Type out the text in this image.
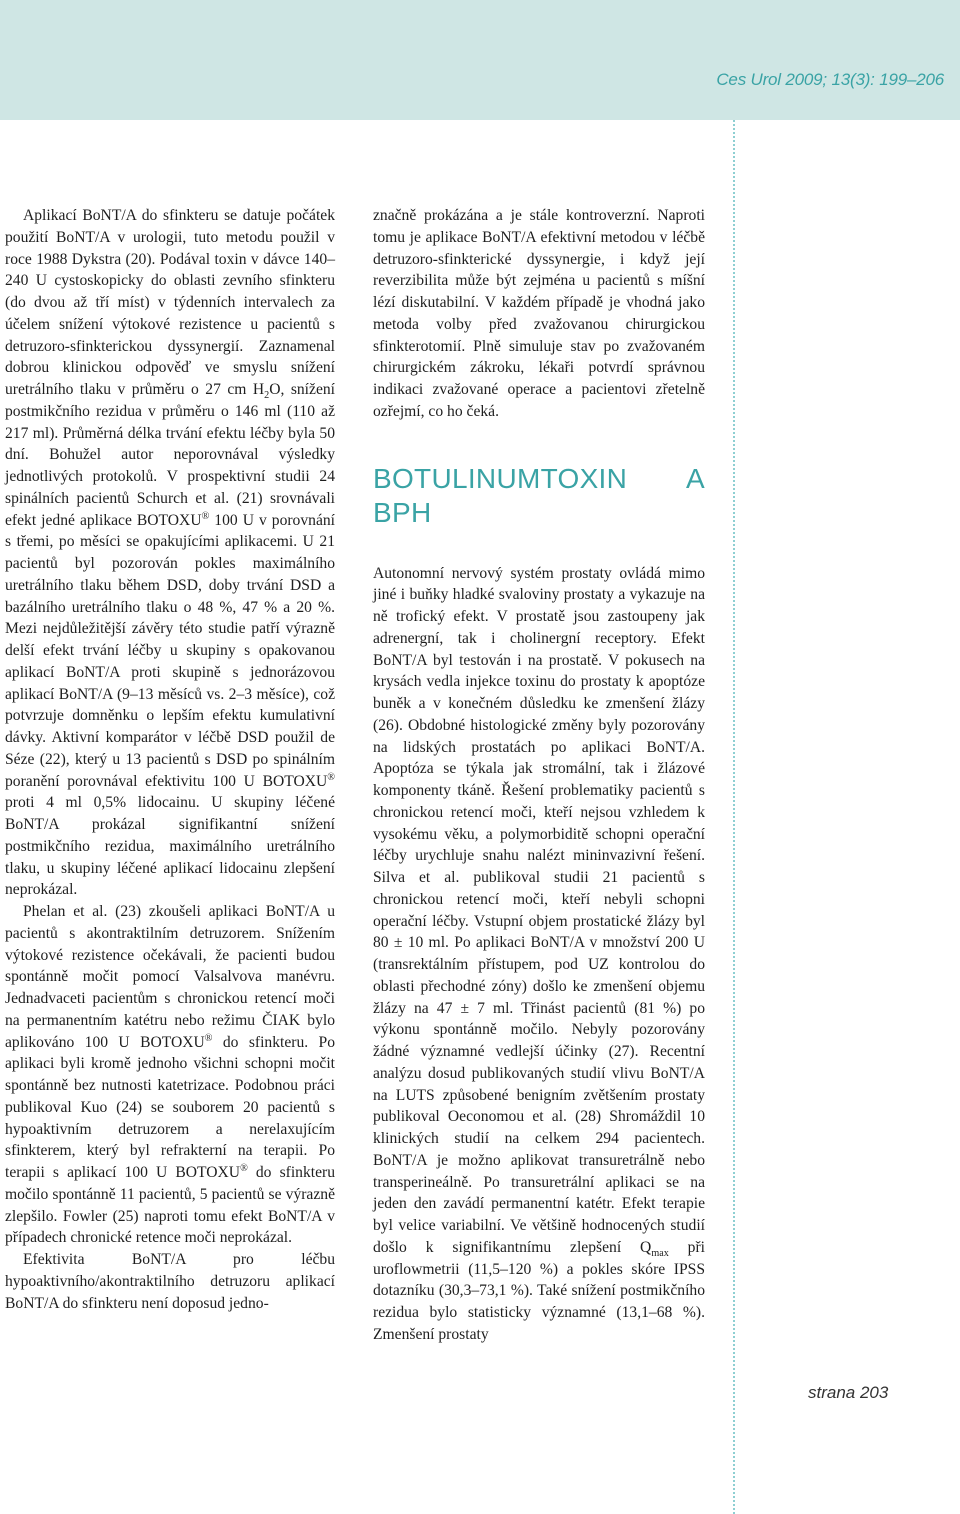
Ces Urol 2009; 13(3): 199–206

Aplikací BoNT/A do sfinkteru se datuje počátek použití BoNT/A v urologii, tuto metodu použil v roce 1988 Dykstra (20). Podával toxin v dávce 140–240 U cystoskopicky do oblasti zevního sfinkteru (do dvou až tří míst) v týdenních intervalech za účelem snížení výtokové rezistence u pacientů s detruzoro-sfinkterickou dyssynergií. Zaznamenal dobrou klinickou odpověď ve smyslu snížení uretrálního tlaku v průměru o 27 cm $H_2O$, snížení postmikčního rezidua v průměru o 146 ml (110 až 217 ml). Průměrná délka trvání efektu léčby byla 50 dní. Bohužel autor neporovnával výsledky jednotlivých protokolů. V prospektivní studii 24 spinálních pacientů Schurch et al. (21) srovnávali efekt jedné aplikace BOTOXU® 100 U v porovnání s třemi, po měsíci se opakujícími aplikacemi. U 21 pacientů byl pozorován pokles maximálního uretrálního tlaku během DSD, doby trvání DSD a bazálního uretrálního tlaku o 48 %, 47 % a 20 %. Mezi nejdůležitější závěry této studie patří výrazně delší efekt trvání léčby u skupiny s opakovanou aplikací BoNT/A proti skupině s jednorázovou aplikací BoNT/A (9–13 měsíců vs. 2–3 měsíce), což potvrzuje domněnku o lepším efektu kumulativní dávky. Aktivní komparátor v léčbě DSD použil de Séze (22), který u 13 pacientů s DSD po spinálním poranění porovnával efektivitu 100 U BOTOXU® proti 4 ml 0,5% lidocainu. U skupiny léčené BoNT/A prokázal signifikantní snížení postmikčního rezidua, maximálního uretrálního tlaku, u skupiny léčené aplikací lidocainu zlepšení neprokázal.

Phelan et al. (23) zkoušeli aplikaci BoNT/A u pacientů s akontraktilním detruzorem. Snížením výtokové rezistence očekávali, že pacienti budou spontánně močit pomocí Valsalvova manévru. Jednadvaceti pacientům s chronickou retencí moči na permanentním katétru nebo režimu ČIAK bylo aplikováno 100 U BOTOXU® do sfinkteru. Po aplikaci byli kromě jednoho všichni schopni močit spontánně bez nutnosti katetrizace. Podobnou práci publikoval Kuo (24) se souborem 20 pacientů s hypoaktivním detruzorem a nerelaxujícím sfinkterem, který byl refrakterní na terapii. Po terapii s aplikací 100 U BOTOXU® do sfinkteru močilo spontánně 11 pacientů, 5 pacientů se výrazně zlepšilo. Fowler (25) naproti tomu efekt BoNT/A v případech chronické retence moči neprokázal.

Efektivita BoNT/A pro léčbu hypoaktivního/akontraktilního detruzoru aplikací BoNT/A do sfinkteru není doposud jedno-

značně prokázána a je stále kontroverzní. Naproti tomu je aplikace BoNT/A efektivní metodou v léčbě detruzoro-sfinkterické dyssynergie, i když její reverzibilita může být zejména u pacientů s míšní lézí diskutabilní. V každém případě je vhodná jako metoda volby před zvažovanou chirurgickou sfinkterotomií. Plně simuluje stav po zvažovaném chirurgickém zákroku, lékaři potvrdí správnou indikaci zvažované operace a pacientovi zřetelně ozřejmí, co ho čeká.

BOTULINUMTOXIN A BPH

Autonomní nervový systém prostaty ovládá mimo jiné i buňky hladké svaloviny prostaty a vykazuje na ně trofický efekt. V prostatě jsou zastoupeny jak adrenergní, tak i cholinergní receptory. Efekt BoNT/A byl testován i na prostatě. V pokusech na krysách vedla injekce toxinu do prostaty k apoptóze buněk a v konečném důsledku ke zmenšení žlázy (26). Obdobné histologické změny byly pozorovány na lidských prostatách po aplikaci BoNT/A. Apoptóza se týkala jak stromální, tak i žlázové komponenty tkáně. Řešení problematiky pacientů s chronickou retencí moči, kteří nejsou vzhledem k vysokému věku, a polymorbiditě schopni operační léčby urychluje snahu nalézt mininvazivní řešení. Silva et al. publikoval studii 21 pacientů s chronickou retencí moči, kteří nebyli schopni operační léčby. Vstupní objem prostatické žlázy byl 80 ± 10 ml. Po aplikaci BoNT/A v množství 200 U (transrektálním přístupem, pod UZ kontrolou do oblasti přechodné zóny) došlo ke zmenšení objemu žlázy na 47 ± 7 ml. Třinást pacientů (81 %) po výkonu spontánně močilo. Nebyly pozorovány žádné významné vedlejší účinky (27). Recentní analýzu dosud publikovaných studií vlivu BoNT/A na LUTS způsobené benigním zvětšením prostaty publikoval Oeconomou et al. (28) Shromáždil 10 klinických studií na celkem 294 pacientech. BoNT/A je možno aplikovat transuretrálně nebo transperineálně. Po transuretrální aplikaci se na jeden den zavádí permanentní katétr. Efekt terapie byl velice variabilní. Ve většině hodnocených studií došlo k signifikantnímu zlepšení $Q_{max}$ při uroflowmetrii (11,5–120 %) a pokles skóre IPSS dotazníku (30,3–73,1 %). Také snížení postmikčního rezidua bylo statisticky významné (13,1–68 %). Zmenšení prostaty

strana 203
